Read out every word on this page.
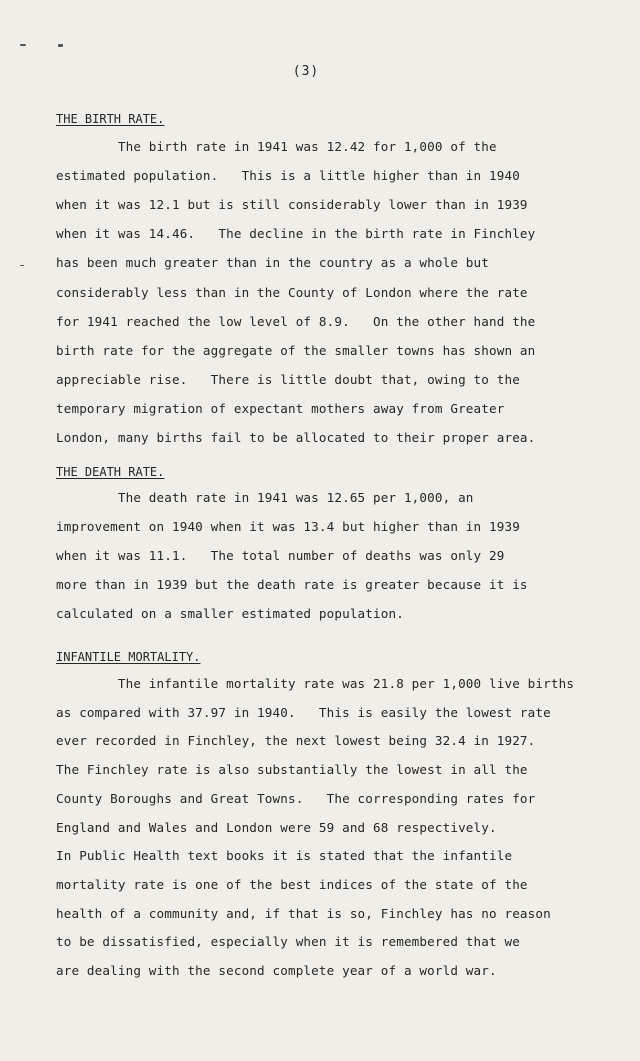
(3)
THE BIRTH RATE.
The birth rate in 1941 was 12.42 for 1,000 of the
estimated population.   This is a little higher than in 1940
when it was 12.1 but is still considerably lower than in 1939
when it was 14.46.   The decline in the birth rate in Finchley
has been much greater than in the country as a whole but
considerably less than in the County of London where the rate
for 1941 reached the low level of 8.9.   On the other hand the
birth rate for the aggregate of the smaller towns has shown an
appreciable rise.   There is little doubt that, owing to the
temporary migration of expectant mothers away from Greater
London, many births fail to be allocated to their proper area.
THE DEATH RATE.
The death rate in 1941 was 12.65 per 1,000, an
improvement on 1940 when it was 13.4 but higher than in 1939
when it was 11.1.   The total number of deaths was only 29
more than in 1939 but the death rate is greater because it is
calculated on a smaller estimated population.
INFANTILE MORTALITY.
The infantile mortality rate was 21.8 per 1,000 live births
as compared with 37.97 in 1940.   This is easily the lowest rate
ever recorded in Finchley, the next lowest being 32.4 in 1927.
The Finchley rate is also substantially the lowest in all the
County Boroughs and Great Towns.   The corresponding rates for
England and Wales and London were 59 and 68 respectively.
In Public Health text books it is stated that the infantile
mortality rate is one of the best indices of the state of the
health of a community and, if that is so, Finchley has no reason
to be dissatisfied, especially when it is remembered that we
are dealing with the second complete year of a world war.
